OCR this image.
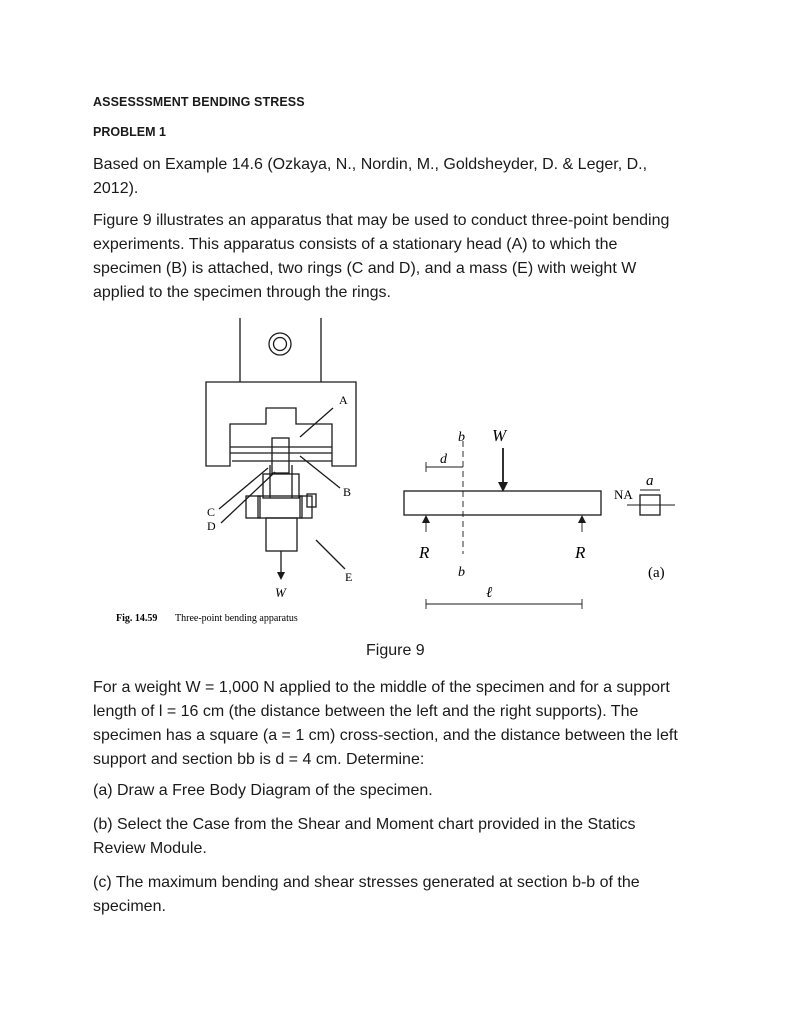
ASSESSSMENT BENDING STRESS
PROBLEM 1
Based on Example 14.6 (Ozkaya, N., Nordin, M., Goldsheyder, D. & Leger, D.,
2012).
Figure 9 illustrates an apparatus that may be used to conduct three-point bending
experiments. This apparatus consists of a stationary head (A) to which the
specimen (B) is attached, two rings (C and D), and a mass (E) with weight W
applied to the specimen through the rings.
A
B
C
D
E
W
b W
d
R	R
b
ℓ
NA
a
(a)
Fig. 14.59 Three-point bending apparatus
Figure 9
For a weight W = 1,000 N applied to the middle of the specimen and for a support
length of l = 16 cm (the distance between the left and the right supports). The
specimen has a square (a = 1 cm) cross-section, and the distance between the left
support and section bb is d = 4 cm. Determine:
(a) Draw a Free Body Diagram of the specimen.
(b) Select the Case from the Shear and Moment chart provided in the Statics
Review Module.
(c) The maximum bending and shear stresses generated at section b-b of the
specimen.
